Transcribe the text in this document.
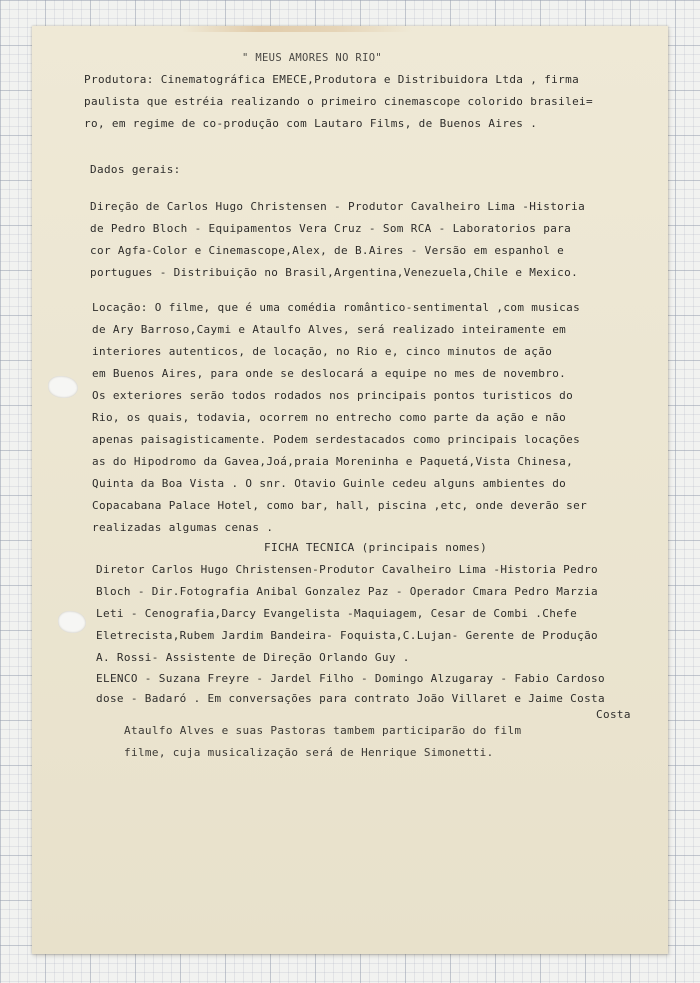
" MEUS AMORES NO RIO"

Produtora: Cinematográfica EMECE,Produtora e Distribuidora Ltda , firma

paulista que estréia realizando o primeiro cinemascope colorido brasilei=

ro, em regime de co-produção com Lautaro Films, de Buenos Aires .

Dados gerais:

Direção de Carlos Hugo Christensen - Produtor Cavalheiro Lima -Historia

de Pedro Bloch - Equipamentos Vera Cruz - Som RCA - Laboratorios para

cor Agfa-Color e Cinemascope,Alex, de B.Aires - Versão em espanhol e

portugues - Distribuição no Brasil,Argentina,Venezuela,Chile e Mexico.

Locação: O filme, que é uma comédia romântico-sentimental ,com musicas

de Ary Barroso,Caymi e Ataulfo Alves, será realizado inteiramente em

interiores autenticos, de locação, no Rio e, cinco minutos de ação

em Buenos Aires, para onde se deslocará a equipe no mes de novembro.

Os exteriores serão todos rodados nos principais pontos turisticos do

Rio, os quais, todavia, ocorrem no entrecho como parte da ação e não

apenas paisagisticamente. Podem serdestacados como principais locações

as do Hipodromo da Gavea,Joá,praia Moreninha e Paquetá,Vista Chinesa,

Quinta da Boa Vista . O snr. Otavio Guinle cedeu alguns ambientes do

Copacabana Palace Hotel, como bar, hall, piscina ,etc, onde deverão ser

realizadas algumas cenas .

FICHA TECNICA (principais nomes)

Diretor Carlos Hugo Christensen-Produtor Cavalheiro Lima -Historia Pedro

Bloch - Dir.Fotografia Anibal Gonzalez Paz - Operador Cmara Pedro Marzia

Leti - Cenografia,Darcy Evangelista -Maquiagem, Cesar de Combi .Chefe

Eletrecista,Rubem Jardim Bandeira- Foquista,C.Lujan- Gerente de Produção

A. Rossi- Assistente de Direção Orlando Guy .

ELENCO - Suzana Freyre - Jardel Filho - Domingo Alzugaray - Fabio Cardoso

dose - Badaró . Em conversações para contrato João Villaret e Jaime Costa

Costa

Ataulfo Alves e suas Pastoras tambem participarão do film

filme, cuja musicalização será de Henrique Simonetti.
